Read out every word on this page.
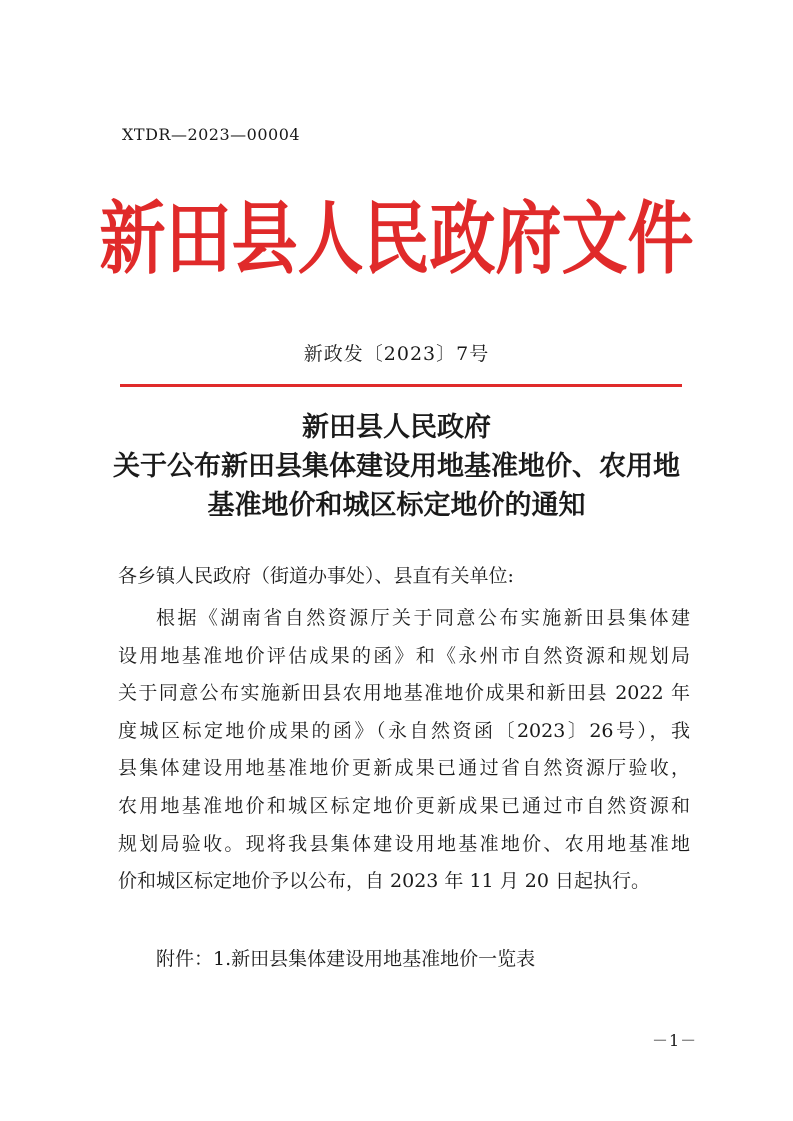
XTDR—2023—00004
新田县人民政府文件
新政发〔2023〕7号
新田县人民政府
关于公布新田县集体建设用地基准地价、农用地
基准地价和城区标定地价的通知
各乡镇人民政府（街道办事处）、县直有关单位:
根据《湖南省自然资源厅关于同意公布实施新田县集体建
设用地基准地价评估成果的函》和《永州市自然资源和规划局
关于同意公布实施新田县农用地基准地价成果和新田县 2022 年
度城区标定地价成果的函》（永自然资函〔2023〕26号），我
县集体建设用地基准地价更新成果已通过省自然资源厅验收，
农用地基准地价和城区标定地价更新成果已通过市自然资源和
规划局验收。现将我县集体建设用地基准地价、农用地基准地
价和城区标定地价予以公布，自 2023 年 11 月 20 日起执行。
附件：1.新田县集体建设用地基准地价一览表
－1－
